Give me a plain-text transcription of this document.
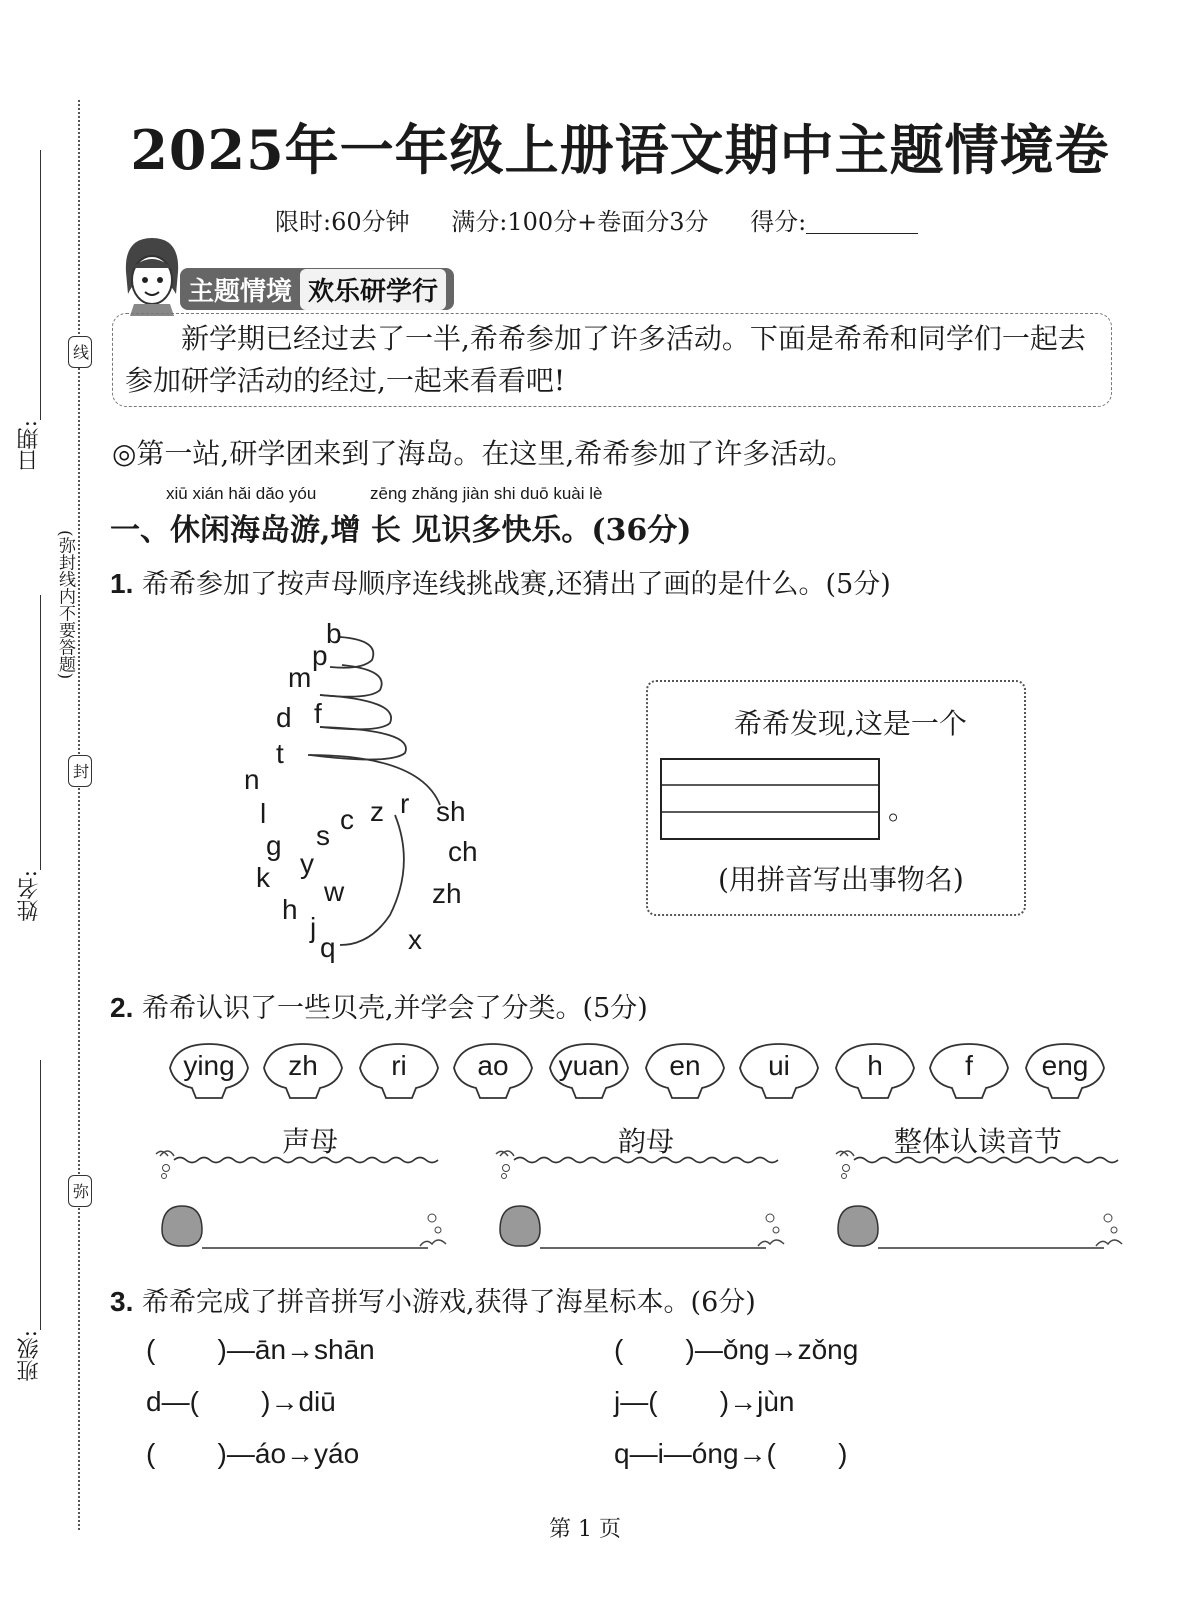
日期:
姓名:
班级:
线
封
弥
(弥封线内不要答题)
2025年一年级上册语文期中主题情境卷
限时:60分钟 满分:100分+卷面分3分 得分:
主题情境 欢乐研学行
新学期已经过去了一半,希希参加了许多活动。下面是希希和同学们一起去参加研学活动的经过,一起来看看吧!
◎第一站,研学团来到了海岛。在这里,希希参加了许多活动。
xiū xián hǎi dǎo yóu	zēng zhǎng jiàn shi duō kuài lè
一、休闲海岛游,增 长 见识多快乐。(36分)
1. 希希参加了按声母顺序连线挑战赛,还猜出了画的是什么。(5分)
b
p
m
f
d
t
n
l
g
k
h
j
q	x
zh
ch
sh
r
z
c
s
y
w
希希发现,这是一个
。
(用拼音写出事物名)
2. 希希认识了一些贝壳,并学会了分类。(5分)
ying	zh	ri	ao	yuan	en	ui	h	f	eng
声母	韵母	整体认读音节
3. 希希完成了拼音拼写小游戏,获得了海星标本。(6分)
(        )—ān→shān	(        )—ǒng→zǒng
d—(        )→diū	j—(        )→jùn
(        )—áo→yáo	q—i—óng→(        )
第 1 页
